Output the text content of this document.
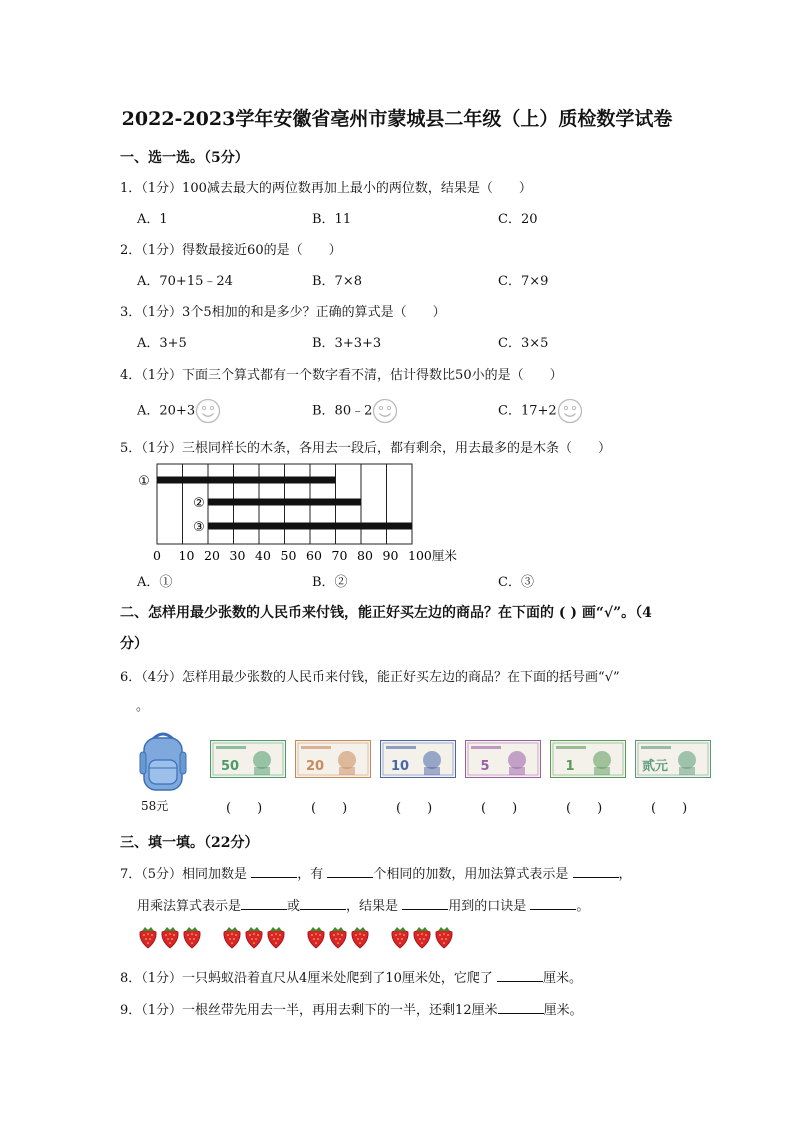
2022-2023学年安徽省亳州市蒙城县二年级（上）质检数学试卷
一、选一选。（5分）
1．（1分）100减去最大的两位数再加上最小的两位数，结果是（　　）
A．1	B．11	C．20
2．（1分）得数最接近60的是（　　）
A．70+15﹣24	B．7×8	C．7×9
3．（1分）3个5相加的和是多少？正确的算式是（　　）
A．3+5	B．3+3+3	C．3×5
4．（1分）下面三个算式都有一个数字看不清，估计得数比50小的是（　　）
A．20+3	B．80﹣2	C．17+2
5．（1分）三根同样长的木条，各用去一段后，都有剩余，用去最多的是木条（　　）
①
②
③
0 10 20 30 40 50 60 70 80 90 100厘米
A．①	B．②	C．③
二、怎样用最少张数的人民币来付钱，能正好买左边的商品？在下面的 ( ) 画“√”。（4
分）
6．（4分）怎样用最少张数的人民币来付钱，能正好买左边的商品？在下面的括号画“√”
。
58元
50	20	10	5	1	贰元
(　　)	(　　)	(　　)	(　　)	(　　)	(　　)
三、填一填。（22分）
7．（5分）相同加数是	，有	个相同的加数，用加法算式表示是	，
用乘法算式表示是	或	，结果是	用到的口诀是	。
8．（1分）一只蚂蚁沿着直尺从4厘米处爬到了10厘米处，它爬了	厘米。
9．（1分）一根丝带先用去一半，再用去剩下的一半，还剩12厘米	厘米。
